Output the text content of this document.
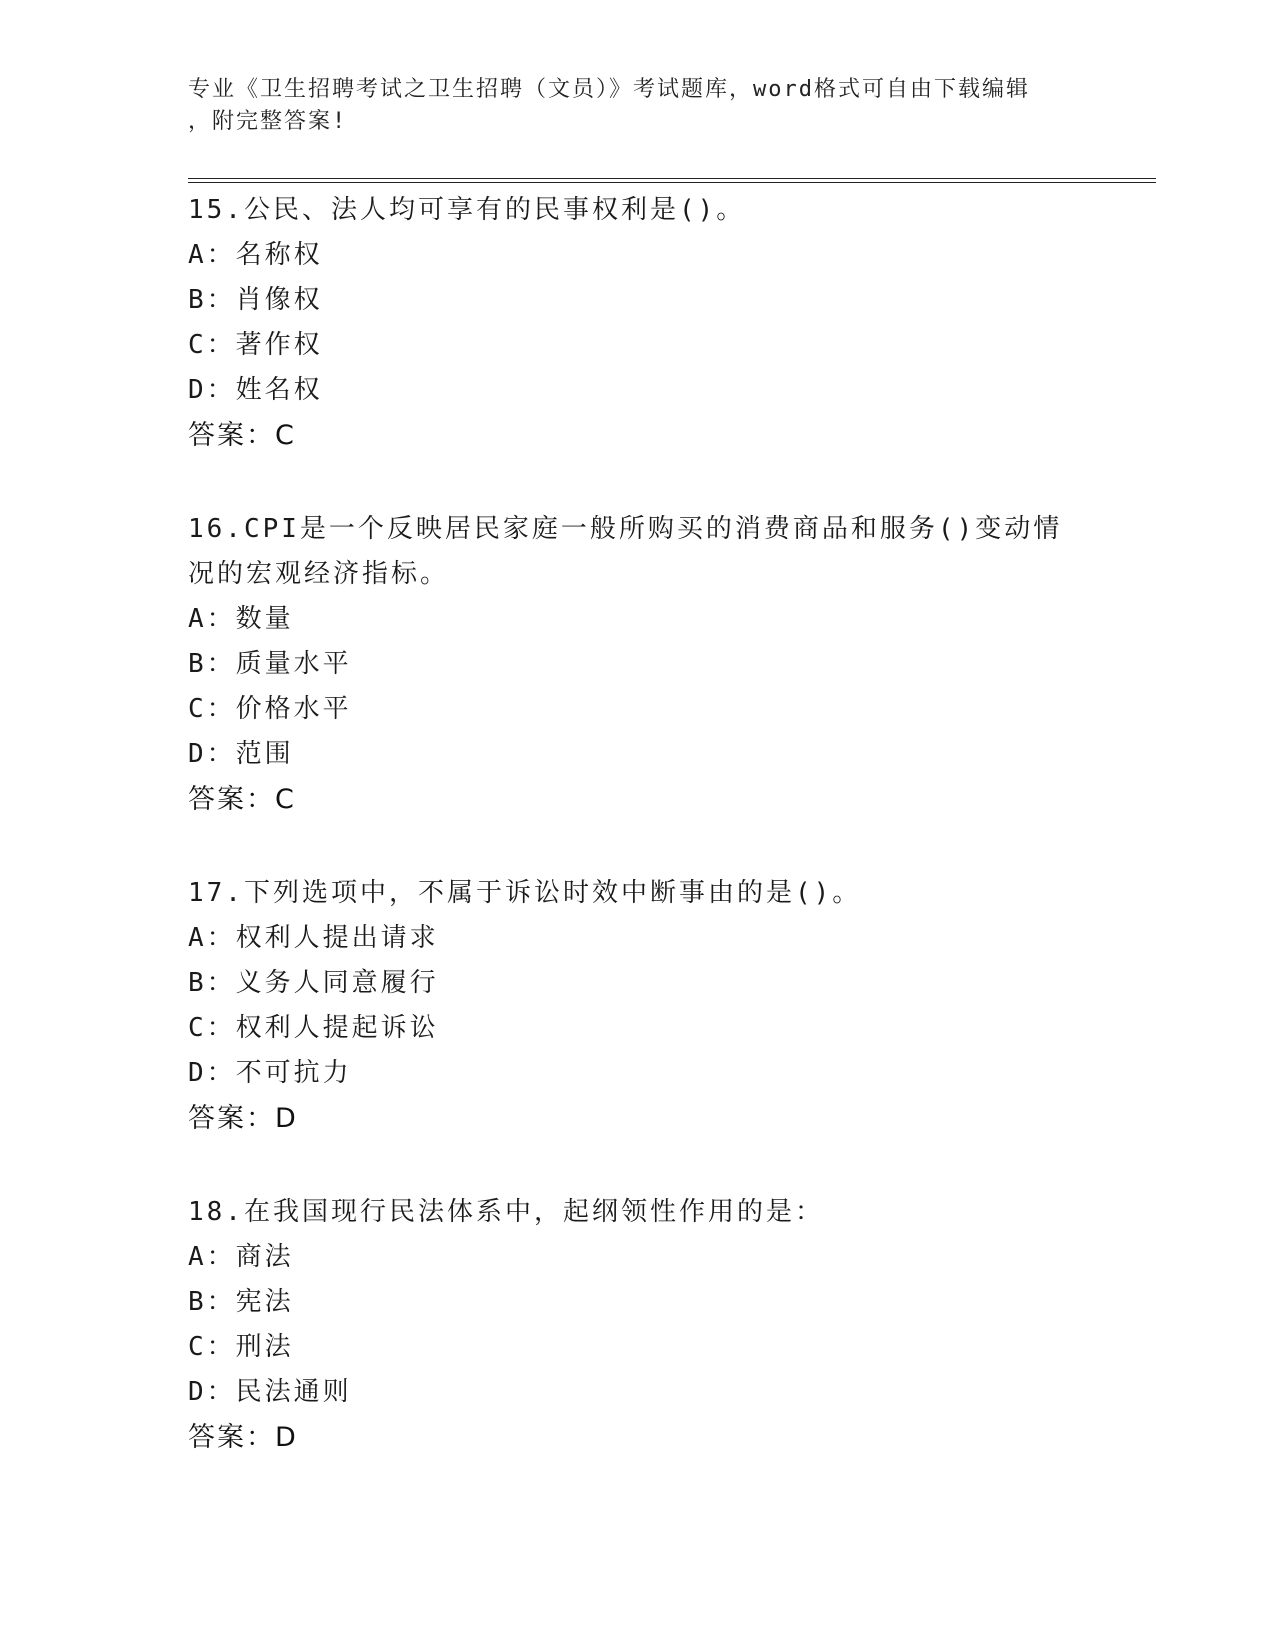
专业《卫生招聘考试之卫生招聘（文员）》考试题库，word格式可自由下载编辑
，附完整答案!

15.公民、法人均可享有的民事权利是()。

A：名称权

B：肖像权

C：著作权

D：姓名权

答案：C

16.CPI是一个反映居民家庭一般所购买的消费商品和服务()变动情况的宏观经济指标。

A：数量

B：质量水平

C：价格水平

D：范围

答案：C

17.下列选项中，不属于诉讼时效中断事由的是()。

A：权利人提出请求

B：义务人同意履行

C：权利人提起诉讼

D：不可抗力

答案：D

18.在我国现行民法体系中，起纲领性作用的是：

A：商法

B：宪法

C：刑法

D：民法通则

答案：D
